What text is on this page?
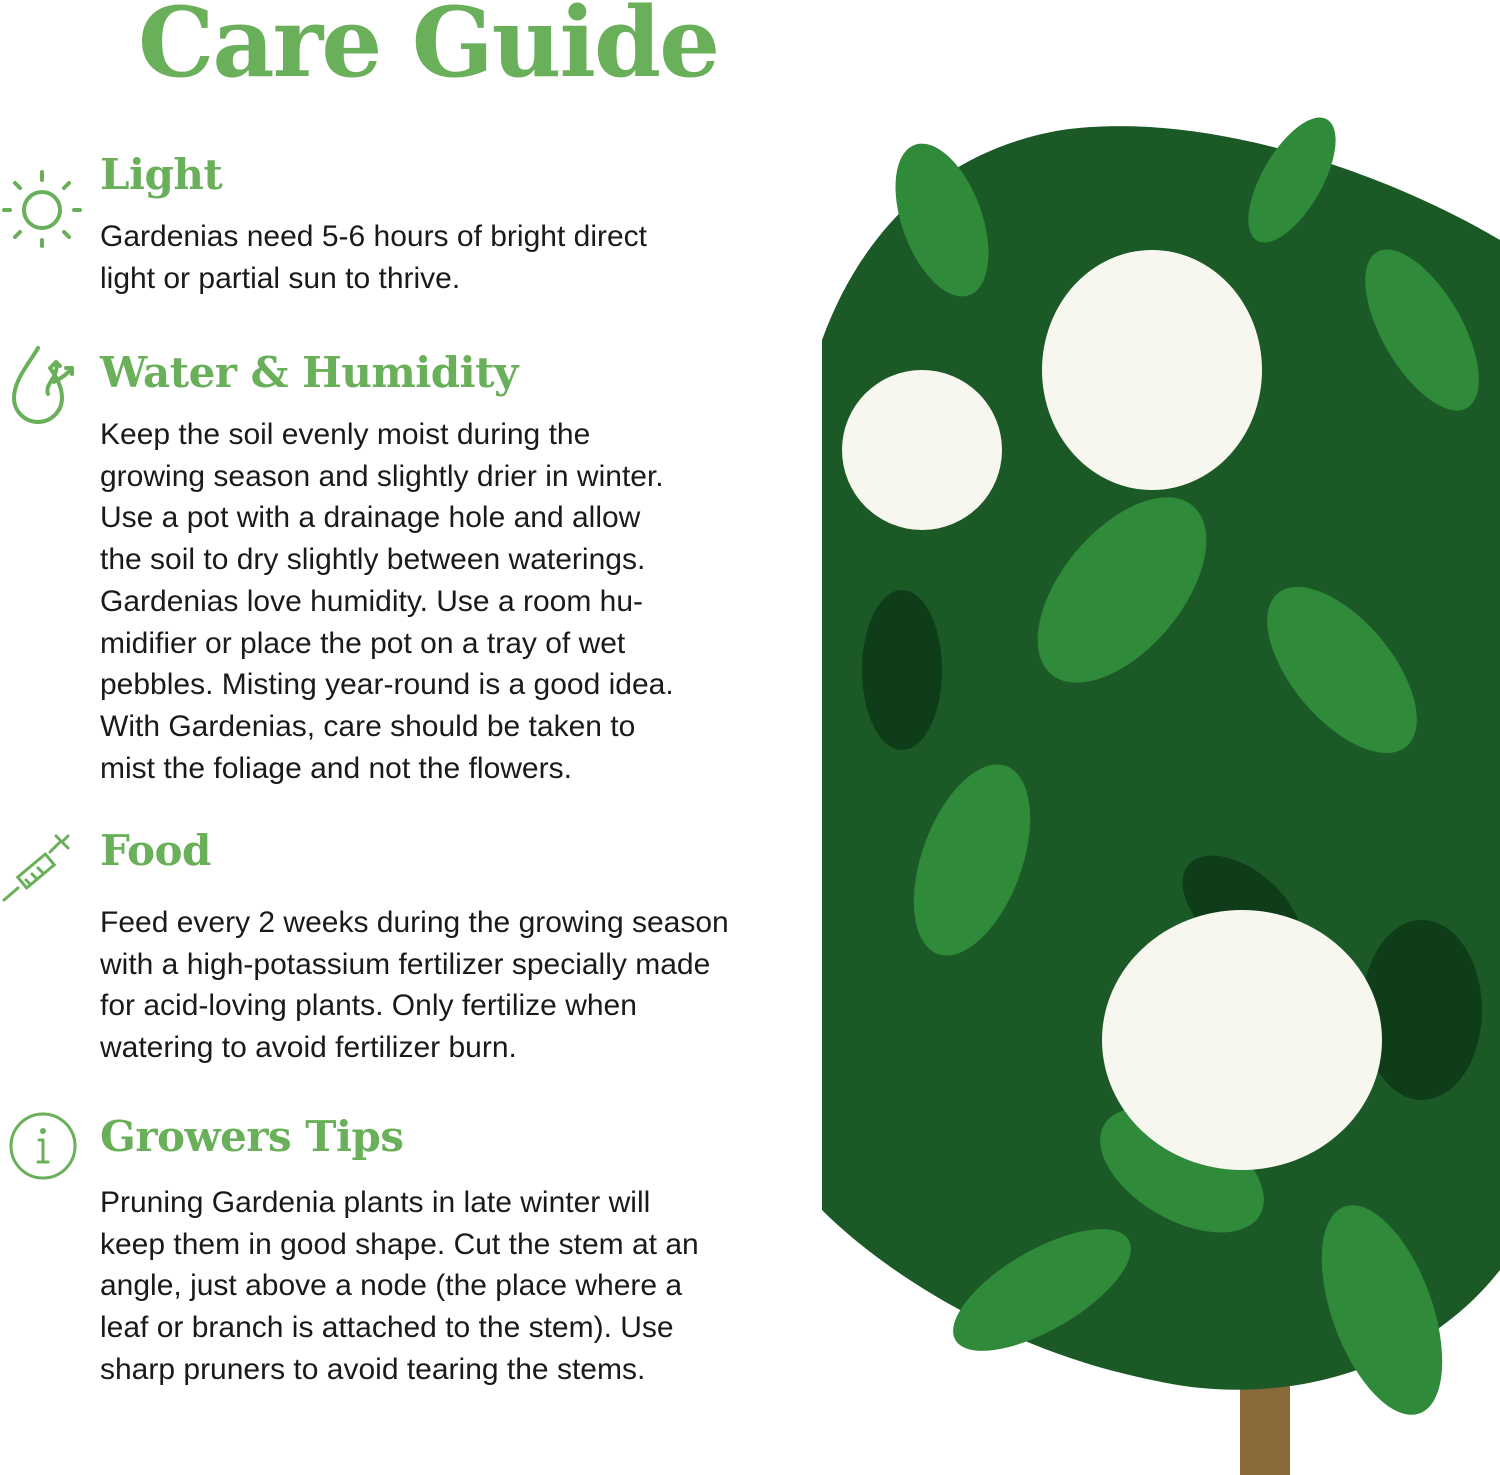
Care Guide
Light
Gardenias need 5-6 hours of bright direct
light or partial sun to thrive.
Water & Humidity
Keep the soil evenly moist during the
growing season and slightly drier in winter.
Use a pot with a drainage hole and allow
the soil to dry slightly between waterings.
Gardenias love humidity. Use a room hu-
midifier or place the pot on a tray of wet
pebbles. Misting year-round is a good idea.
With Gardenias, care should be taken to
mist the foliage and not the flowers.
Food
Feed every 2 weeks during the growing season
with a high-potassium fertilizer specially made
for acid-loving plants. Only fertilize when
watering to avoid fertilizer burn.
Growers Tips
Pruning Gardenia plants in late winter will
keep them in good shape. Cut the stem at an
angle, just above a node (the place where a
leaf or branch is attached to the stem). Use
sharp pruners to avoid tearing the stems.
